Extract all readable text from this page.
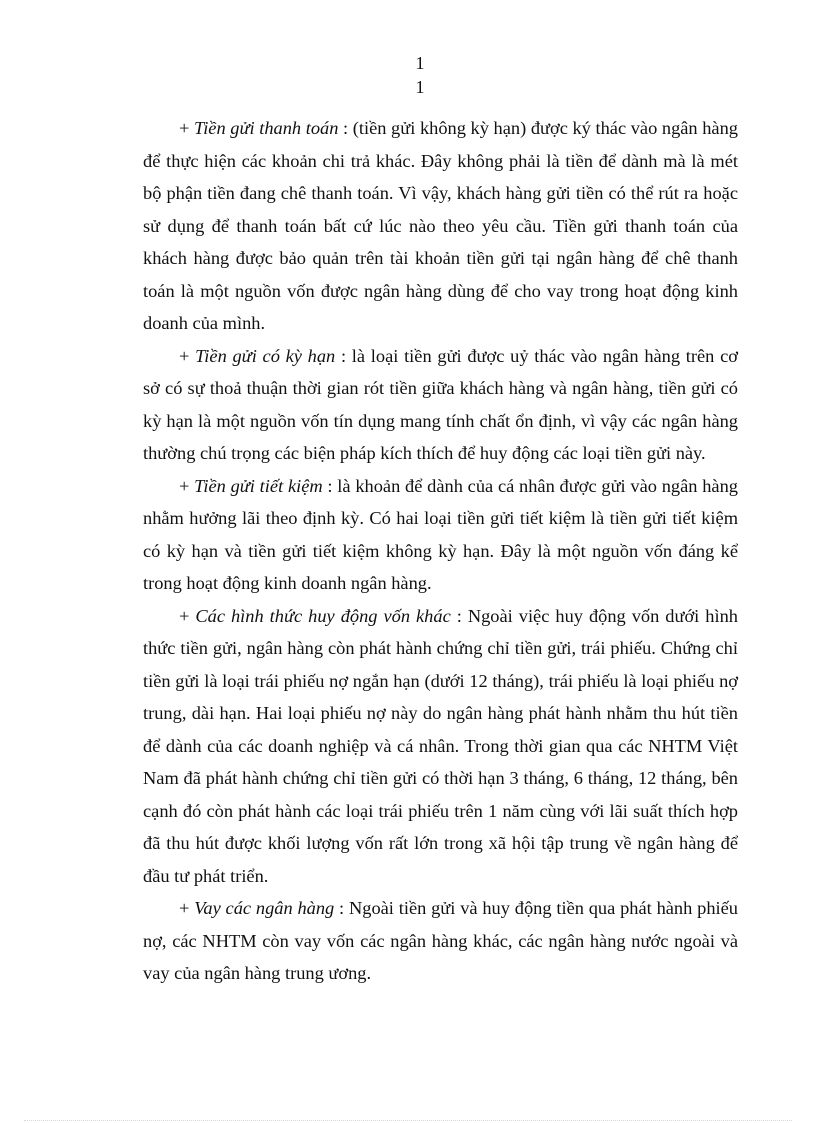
1
1

+ Tiền gửi thanh toán : (tiền gửi không kỳ hạn) được ký thác vào ngân hàng để thực hiện các khoản chi trả khác. Đây không phải là tiền để dành mà là mét bộ phận tiền đang chê thanh toán. Vì vậy, khách hàng gửi tiền có thể rút ra hoặc sử dụng để thanh toán bất cứ lúc nào theo yêu cầu. Tiền gửi thanh toán của khách hàng được bảo quản trên tài khoản tiền gửi tại ngân hàng để chê thanh toán là một nguồn vốn được ngân hàng dùng để cho vay trong hoạt động kinh doanh của mình.

+ Tiền gửi có kỳ hạn : là loại tiền gửi được uỷ thác vào ngân hàng trên cơ sở có sự thoả thuận thời gian rót tiền giữa khách hàng và ngân hàng, tiền gửi có kỳ hạn là một nguồn vốn tín dụng mang tính chất ổn định, vì vậy các ngân hàng thường chú trọng các biện pháp kích thích để huy động các loại tiền gửi này.

+ Tiền gửi tiết kiệm : là khoản để dành của cá nhân được gửi vào ngân hàng nhằm hưởng lãi theo định kỳ. Có hai loại tiền gửi tiết kiệm là tiền gửi tiết kiệm có kỳ hạn và tiền gửi tiết kiệm không kỳ hạn. Đây là một nguồn vốn đáng kể trong hoạt động kinh doanh ngân hàng.

+ Các hình thức huy động vốn khác : Ngoài việc huy động vốn dưới hình thức tiền gửi, ngân hàng còn phát hành chứng chỉ tiền gửi, trái phiếu. Chứng chỉ tiền gửi là loại trái phiếu nợ ngắn hạn (dưới 12 tháng), trái phiếu là loại phiếu nợ trung, dài hạn. Hai loại phiếu nợ này do ngân hàng phát hành nhằm thu hút tiền để dành của các doanh nghiệp và cá nhân. Trong thời gian qua các NHTM Việt Nam đã phát hành chứng chỉ tiền gửi có thời hạn 3 tháng, 6 tháng, 12 tháng, bên cạnh đó còn phát hành các loại trái phiếu trên 1 năm cùng với lãi suất thích hợp đã thu hút được khối lượng vốn rất lớn trong xã hội tập trung về ngân hàng để đầu tư phát triển.

+ Vay các ngân hàng : Ngoài tiền gửi và huy động tiền qua phát hành phiếu nợ, các NHTM còn vay vốn các ngân hàng khác, các ngân hàng nước ngoài và vay của ngân hàng trung ương.
